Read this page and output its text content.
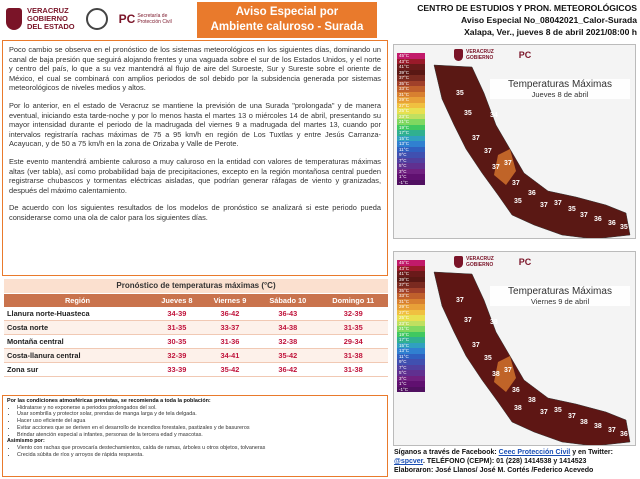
VERACRUZ
GOBIERNO
DEL ESTADO
PC Secretaría de
Protección Civil
Aviso Especial por
Ambiente caluroso - Surada
CENTRO DE ESTUDIOS Y PRON. METEOROLÓGICOS
Aviso Especial No_08042021_Calor-Surada
Xalapa, Ver., jueves 8 de abril 2021/08:00 h

Poco cambio se observa en el pronóstico de los sistemas meteorológicos en los siguientes días, dominando un canal de baja presión que seguirá alojando frentes y una vaguada sobre el sur de los Estados Unidos, y el norte y centro del país, lo que a su vez mantendrá al flujo de aire del Suroeste, Sur y Sureste sobre el oriente de México, el cual se combinará con amplios periodos de sol debido por la subsidencia generada por sistemas meteorológicos de niveles medios y altos.

Por lo anterior, en el estado de Veracruz se mantiene la previsión de una Surada "prolongada" y de manera eventual, iniciando esta tarde-noche y por lo menos hasta el martes 13 o miércoles 14 de abril, presentando su mayor intensidad durante el periodo de la madrugada del viernes 9 a madrugada del martes 13, cuando por intervalos registraría rachas máximas de 75 a 95 km/h en región de Los Tuxtlas y entre Jesús Carranza-Acayucan, y de 50 a 75 km/h en la zona de Orizaba y Valle de Perote.

Este evento mantendrá ambiente caluroso a muy caluroso en la entidad con valores de temperaturas máximas altas (ver tabla), así como probabilidad baja de precipitaciones, excepto en la región montañosa central pueden registrarse chubascos y tormentas eléctricas aisladas, que podrían generar ráfagas de viento y granizadas, después del máximo calentamiento.

De acuerdo con los siguientes resultados de los modelos de pronóstico se analizará si este periodo pueda considerarse como una ola de calor para los siguientes días.

Pronóstico de temperaturas máximas (°C)
Región	Jueves 8	Viernes 9	Sábado 10	Domingo 11
Llanura norte-Huasteca	34-39	36-42	36-43	32-39
Costa norte	31-35	33-37	34-38	31-35
Montaña central	30-35	31-36	32-38	29-34
Costa-llanura central	32-39	34-41	35-42	31-38
Zona sur	33-39	35-42	36-42	31-38
Por las condiciones atmosféricas previstas, se recomienda a toda la población:
• Hidratarse y no exponerse a periodos prolongados del sol.
• Usar sombrilla y protector solar, prendas de manga larga y de tela delgada.
• Hacer uso eficiente del agua
• Evitar acciones que se deriven en el desarrollo de incendios forestales, pastizales y de basureros
• Brindar atención especial a infantes, personas de la tercera edad y mascotas.
Asimismo por:
• Viento con rachas que provocaría destechamientos, caída de ramas, árboles u otros objetos, tolvaneras
• Crecida súbita de ríos y arroyos de rápida respuesta.
VERACRUZ
GOBIERNO	PC
45°C
43°C
41°C
39°C
37°C
35°C
33°C
31°C
29°C
27°C
25°C
23°C
21°C
19°C
17°C
15°C
13°C
11°C
9°C
7°C
5°C
3°C
1°C
-1°C
35
35	34
37
37
37
37
37
35
36
37 37
35
37
36
36
35
Temperaturas Máximas
Jueves 8 de abril
VERACRUZ
GOBIERNO	PC
45°C
43°C
41°C
39°C
37°C
35°C
33°C
31°C
29°C
27°C
25°C
23°C
21°C
19°C
17°C
15°C
13°C
11°C
9°C
7°C
5°C
3°C
1°C
-1°C
37
37	38
37
35
38
37
36
38
38
37 35
37
38
38
37
36
Temperaturas Máximas
Viernes 9 de abril
Síganos a través de Facebook: Ceec Protección Civil y en Twitter:
@spcver. TELÉFONO (CEPM): 01 (228) 1414538 y 1414523
Elaboraron: José Llanos/ José M. Cortés /Federico Acevedo
